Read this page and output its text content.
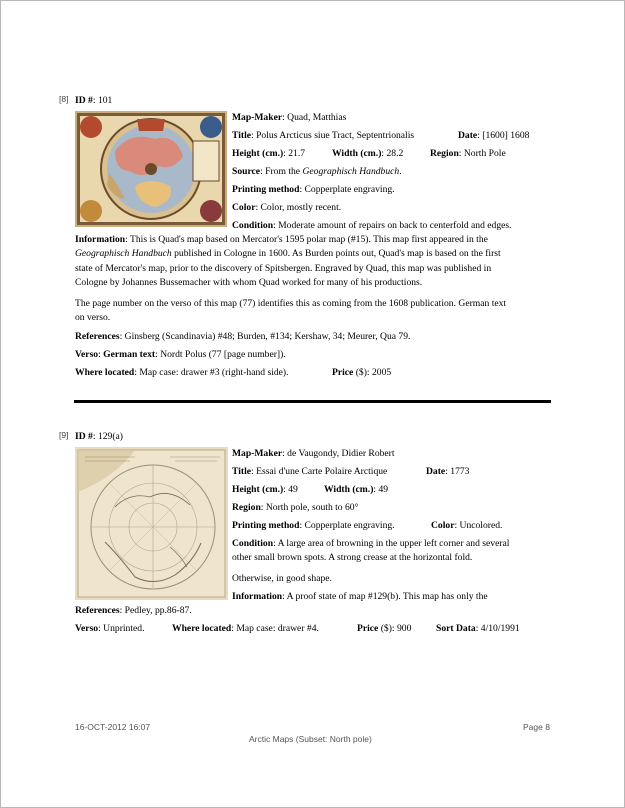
[8] ID #: 101
Map-Maker: Quad, Matthias
Title: Polus Arcticus siue Tract, Septentrionalis	Date: [1600] 1608
Height (cm.): 21.7	Width (cm.): 28.2	Region: North Pole
Source: From the Geographisch Handbuch.
Printing method: Copperplate engraving.
Color: Color, mostly recent.
Condition: Moderate amount of repairs on back to centerfold and edges.
Information: This is Quad's map based on Mercator's 1595 polar map (#15). This map first appeared in the
Geographisch Handbuch published in Cologne in 1600. As Burden points out, Quad's map is based on the first
state of Mercator's map, prior to the discovery of Spitsbergen. Engraved by Quad, this map was published in
Cologne by Johannes Bussemacher with whom Quad worked for many of his productions.
The page number on the verso of this map (77) identifies this as coming from the 1608 publication. German text
on verso.
References: Ginsberg (Scandinavia) #48; Burden, #134; Kershaw, 34; Meurer, Qua 79.
Verso: German text: Nordt Polus (77 [page number]).
Where located: Map case: drawer #3 (right-hand side).	Price ($): 2005
[9] ID #: 129(a)
Map-Maker: de Vaugondy, Didier Robert
Title: Essai d'une Carte Polaire Arctique	Date: 1773
Height (cm.): 49	Width (cm.): 49
Region: North pole, south to 60°
Printing method: Copperplate engraving.	Color: Uncolored.
Condition: A large area of browning in the upper left corner and several
other small brown spots. A strong crease at the horizontal fold.
Otherwise, in good shape.
Information: A proof state of map #129(b). This map has only the
References: Pedley, pp.86-87.
Verso: Unprinted.	Where located: Map case: drawer #4.	Price ($): 900	Sort Data: 4/10/1991
16-OCT-2012 16:07	Page 8
Arctic Maps (Subset: North pole)
